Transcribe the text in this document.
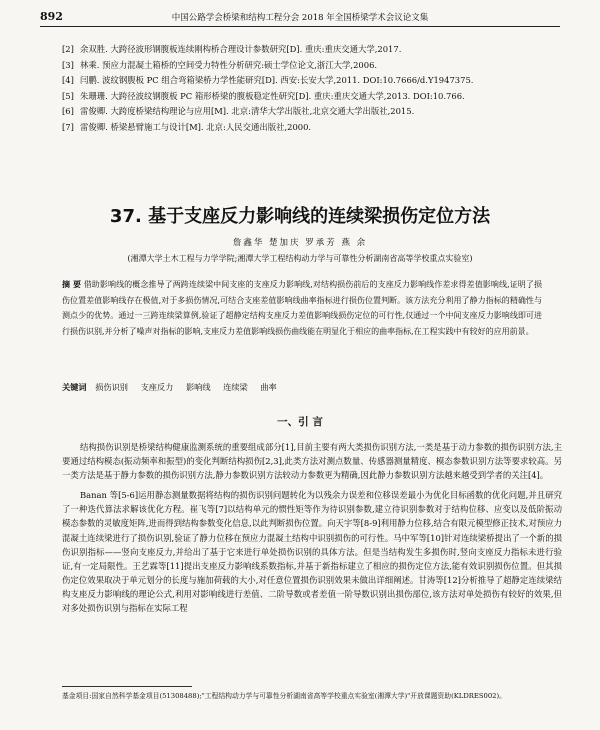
892	中国公路学会桥梁和结构工程分会 2018 年全国桥梁学术会议论文集
[2] 余双胜. 大跨径波形钢腹板连续刚构桥合理设计参数研究[D]. 重庆:重庆交通大学,2017.
[3] 林乘. 预应力混凝土箱桥的空间受力特性分析研究:硕士学位论文,浙江大学,2006.
[4] 闫鹏. 波纹钢腹板 PC 组合弯箱梁桥力学性能研究[D]. 西安:长安大学,2011. DOI:10.7666/d.Y1947375.
[5] 朱珊珊. 大跨径波纹钢腹板 PC 箱形桥梁的腹板稳定性研究[D]. 重庆:重庆交通大学,2013. DOI:10.766.
[6] 雷俊卿. 大跨度桥梁结构理论与应用[M]. 北京:清华大学出版社,北京交通大学出版社,2015.
[7] 雷俊卿. 桥梁悬臂施工与设计[M]. 北京:人民交通出版社,2000.
37. 基于支座反力影响线的连续梁损伤定位方法
詹鑫华 楚加庆 罗承芳 燕 余
(湘潭大学土木工程与力学学院;湘潭大学工程结构动力学与可靠性分析湖南省高等学校重点实验室)
摘 要 借助影响线的概念推导了两跨连续梁中间支座的支座反力影响线,对结构损伤前后的支座反力影响线作差求得差值影响线,证明了损伤位置差值影响线存在极值,对于多损伤情况,可结合支座差值影响线曲率指标进行损伤位置判断。该方法充分利用了静力指标的精确性与测点少的优势。通过一三跨连续梁算例,验证了超静定结构支座反力差值影响线损伤定位的可行性,仅通过一个中间支座反力影响线即可进行损伤识别,并分析了噪声对指标的影响,支座反力差值影响线损伤曲线能在明显化于相应的曲率指标,在工程实践中有较好的应用前景。
关键词 损伤识别 支座反力 影响线 连续梁 曲率
一、引 言

结构损伤识别是桥梁结构健康监测系统的重要组成部分[1],目前主要有两大类损伤识别方法,一类是基于动力参数的损伤识别方法,主要通过结构模态(振动频率和振型)的变化判断结构损伤[2,3],此类方法对测点数量、传感器测量精度、模态参数识别方法等要求较高。另一类方法是基于静力参数的损伤识别方法,静力参数识别方法较动力参数更为精确,因此静力参数识别方法越来越受到学者的关注[4]。

Banan 等[5-6]运用静态测量数据将结构的损伤识别问题转化为以残余力误差和位移误差最小为优化目标函数的优化问题,并且研究了一种迭代算法求解该优化方程。崔飞等[7]以结构单元的惯性矩等作为待识别参数,建立待识别参数对于结构位移、应变以及低阶振动模态参数的灵敏度矩阵,进而得到结构参数变化信息,以此判断损伤位置。向天宇等[8-9]利用静力位移,结合有限元模型修正技术,对预应力混凝土连续梁进行了损伤识别,验证了静力位移在预应力混凝土结构中识别损伤的可行性。马中军等[10]针对连续梁桥提出了一个新的损伤识别指标——竖向支座反力,并给出了基于它来进行单处损伤识别的具体方法。但是当结构发生多损伤时,竖向支座反力指标未进行验证,有一定局限性。王艺霖等[11]提出支座反力影响线系数指标,并基于新指标建立了相应的损伤定位方法,能有效识别损伤位置。但其损伤定位效果取决于单元划分的长度与施加荷载的大小,对任意位置损伤识别效果未做出详细阐述。甘涛等[12]分析推导了超静定连续梁结构支座反力影响线的理论公式,利用对影响线进行差值、二阶导数或者差值一阶导数识别出损伤部位,该方法对单处损伤有较好的效果,但对多处损伤识别与指标在实际工程

基金项目:国家自然科学基金项目(51308488);"工程结构动力学与可靠性分析湖南省高等学校重点实验室(湘潭大学)"开放课题资助(KLDRES002)。
